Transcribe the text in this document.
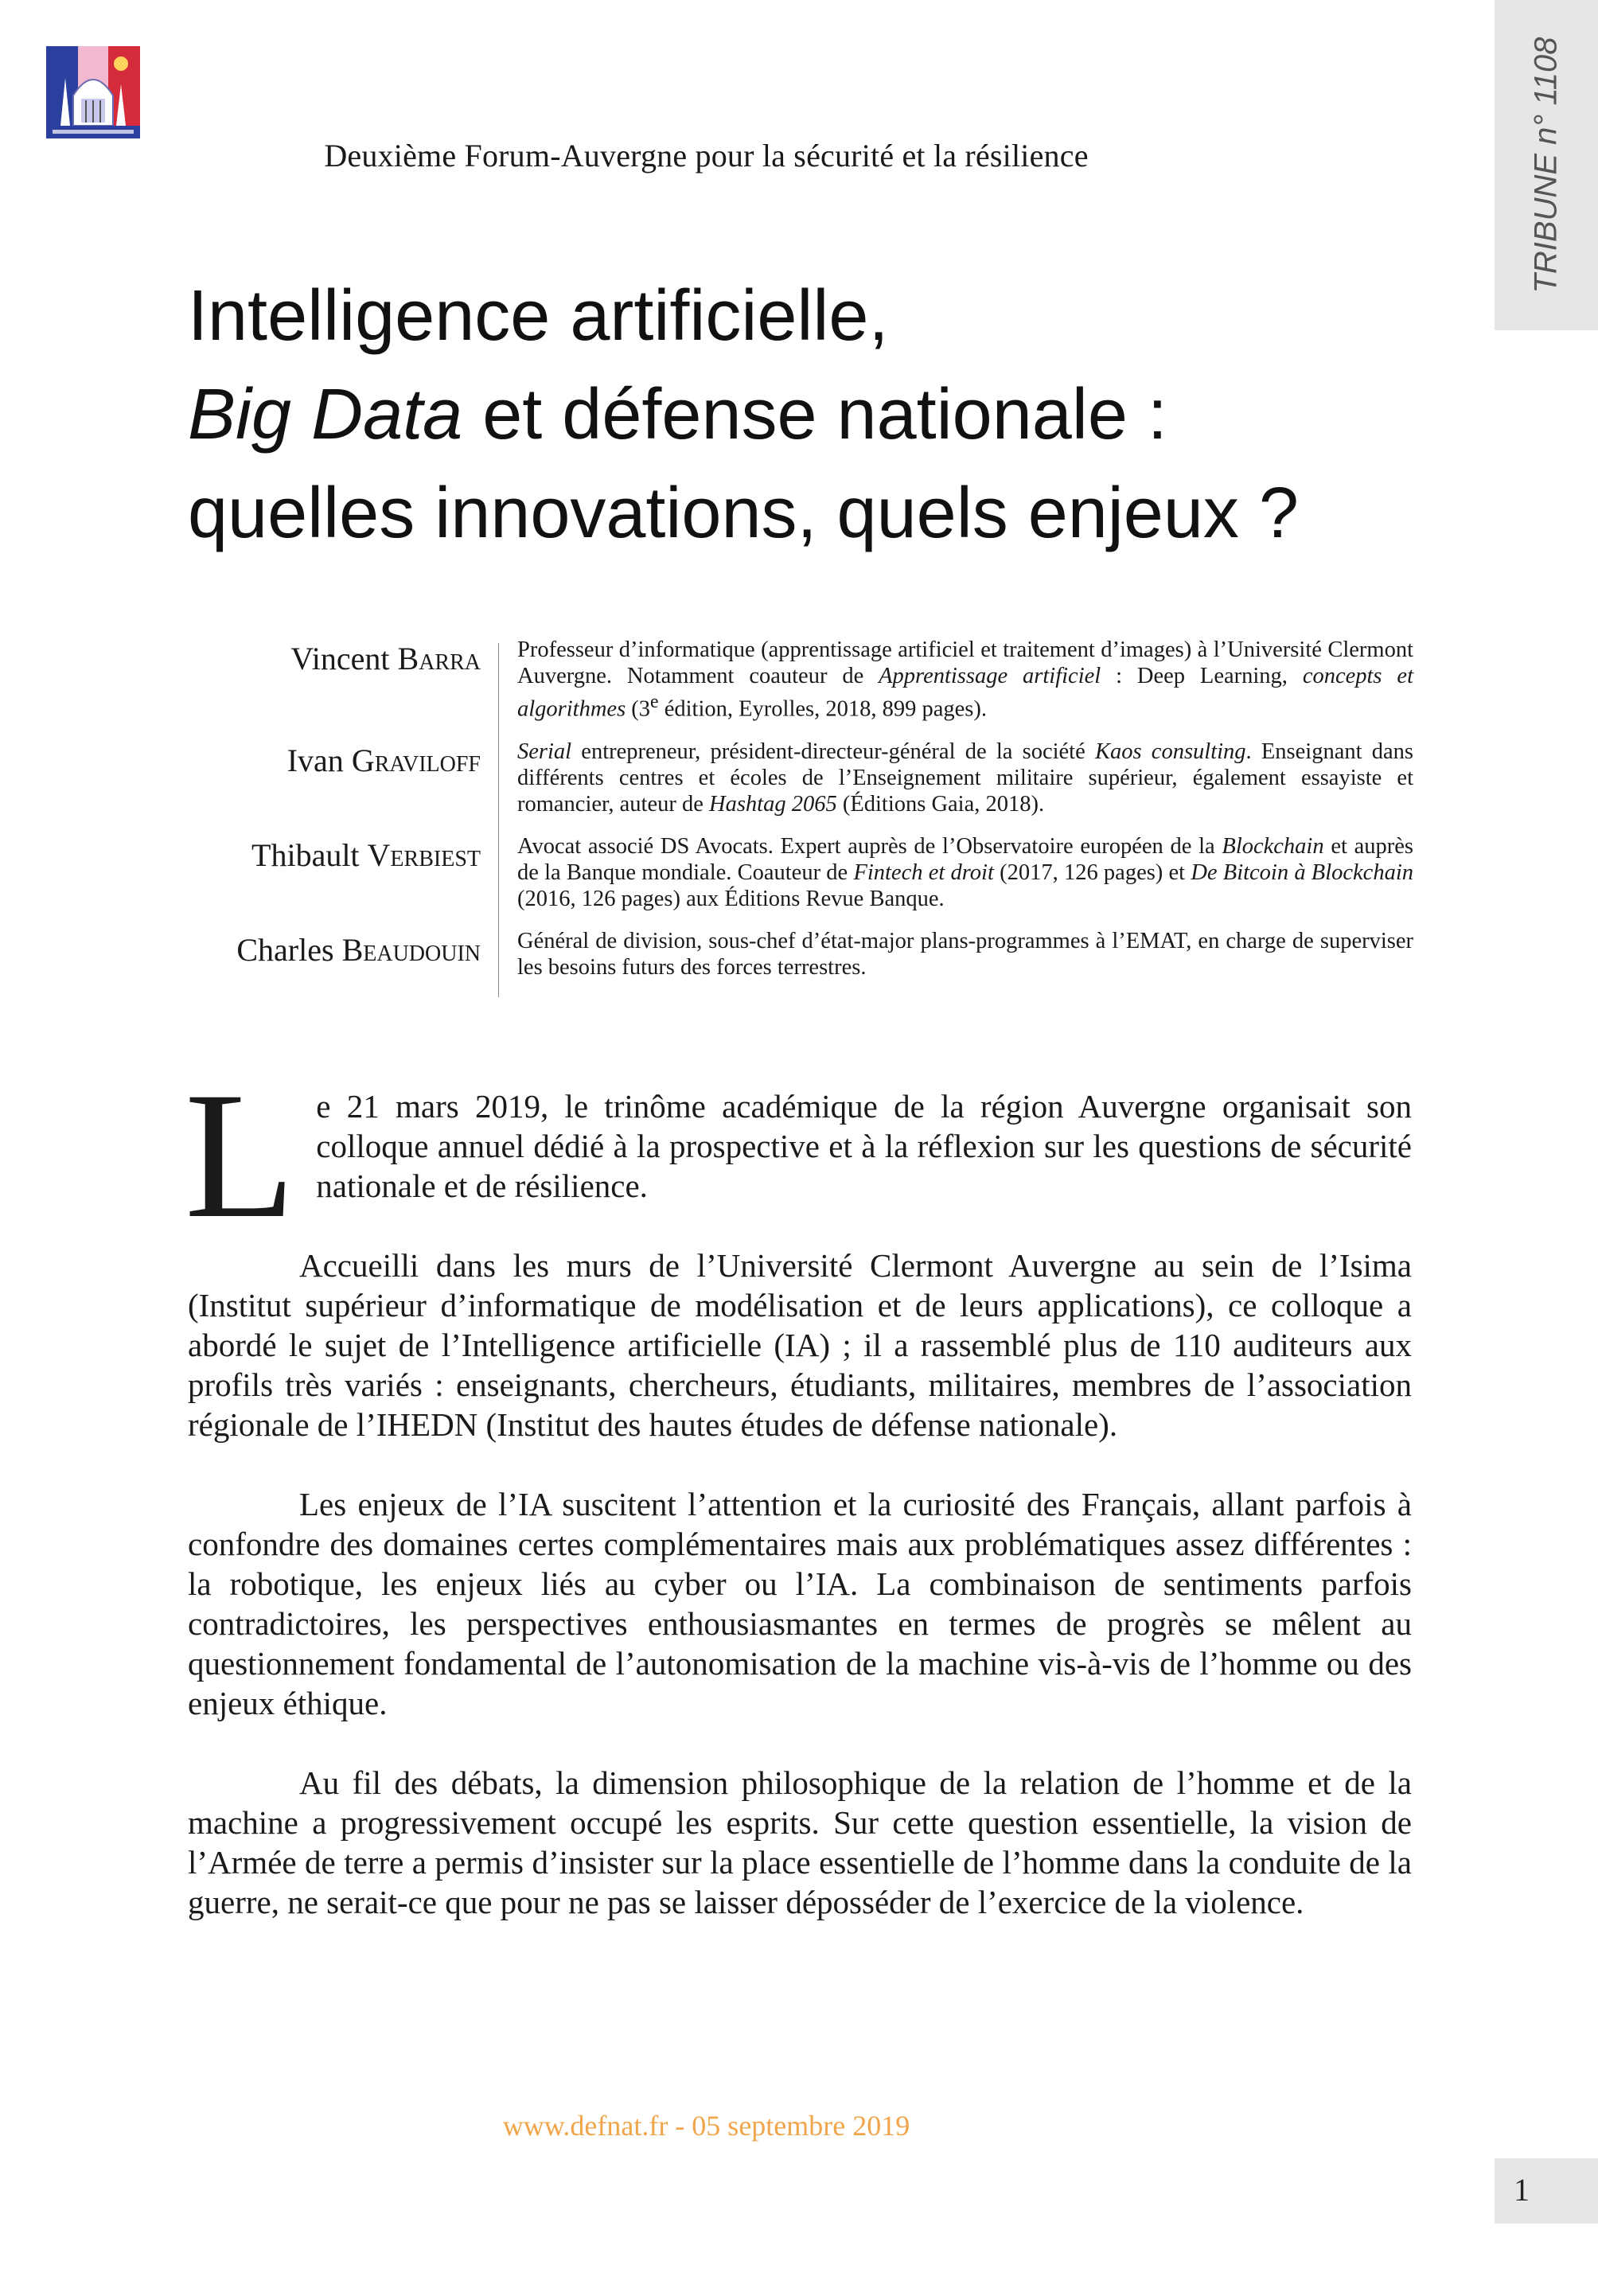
Deuxième Forum-Auvergne pour la sécurité et la résilience	TRIBUNE n° 1108
Intelligence artificielle,
Big Data et défense nationale :
quelles innovations, quels enjeux ?
Vincent Barra Professeur d’informatique (apprentissage artificiel et traitement d’images) à l’Université Clermont Auvergne. Notamment coauteur de Apprentissage artificiel : Deep Learning, concepts et algorithmes (3e édition, Eyrolles, 2018, 899 pages).
Ivan Graviloff Serial entrepreneur, président-directeur-général de la société Kaos consulting. Enseignant dans différents centres et écoles de l’Enseignement militaire supérieur, également essayiste et romancier, auteur de Hashtag 2065 (Éditions Gaia, 2018).
Thibault Verbiest Avocat associé DS Avocats. Expert auprès de l’Observatoire européen de la Blockchain et auprès de la Banque mondiale. Coauteur de Fintech et droit (2017, 126 pages) et De Bitcoin à Blockchain (2016, 126 pages) aux Éditions Revue Banque.
Charles Beaudouin Général de division, sous-chef d’état-major plans-programmes à l’EMAT, en charge de superviser les besoins futurs des forces terrestres.

Le 21 mars 2019, le trinôme académique de la région Auvergne organisait son colloque annuel dédié à la prospective et à la réflexion sur les questions de sécurité nationale et de résilience.

Accueilli dans les murs de l’Université Clermont Auvergne au sein de l’Isima (Institut supérieur d’informatique de modélisation et de leurs applications), ce colloque a abordé le sujet de l’Intelligence artificielle (IA) ; il a rassemblé plus de 110 auditeurs aux profils très variés : enseignants, chercheurs, étudiants, militaires, membres de l’association régionale de l’IHEDN (Institut des hautes études de défense nationale).

Les enjeux de l’IA suscitent l’attention et la curiosité des Français, allant parfois à confondre des domaines certes complémentaires mais aux problématiques assez différentes : la robotique, les enjeux liés au cyber ou l’IA. La combinaison de sentiments parfois contradictoires, les perspectives enthousiasmantes en termes de progrès se mêlent au questionnement fondamental de l’autonomisation de la machine vis-à-vis de l’homme ou des enjeux éthique.

Au fil des débats, la dimension philosophique de la relation de l’homme et de la machine a progressivement occupé les esprits. Sur cette question essentielle, la vision de l’Armée de terre a permis d’insister sur la place essentielle de l’homme dans la conduite de la guerre, ne serait-ce que pour ne pas se laisser déposséder de l’exercice de la violence.

www.defnat.fr - 05 septembre 2019
1
